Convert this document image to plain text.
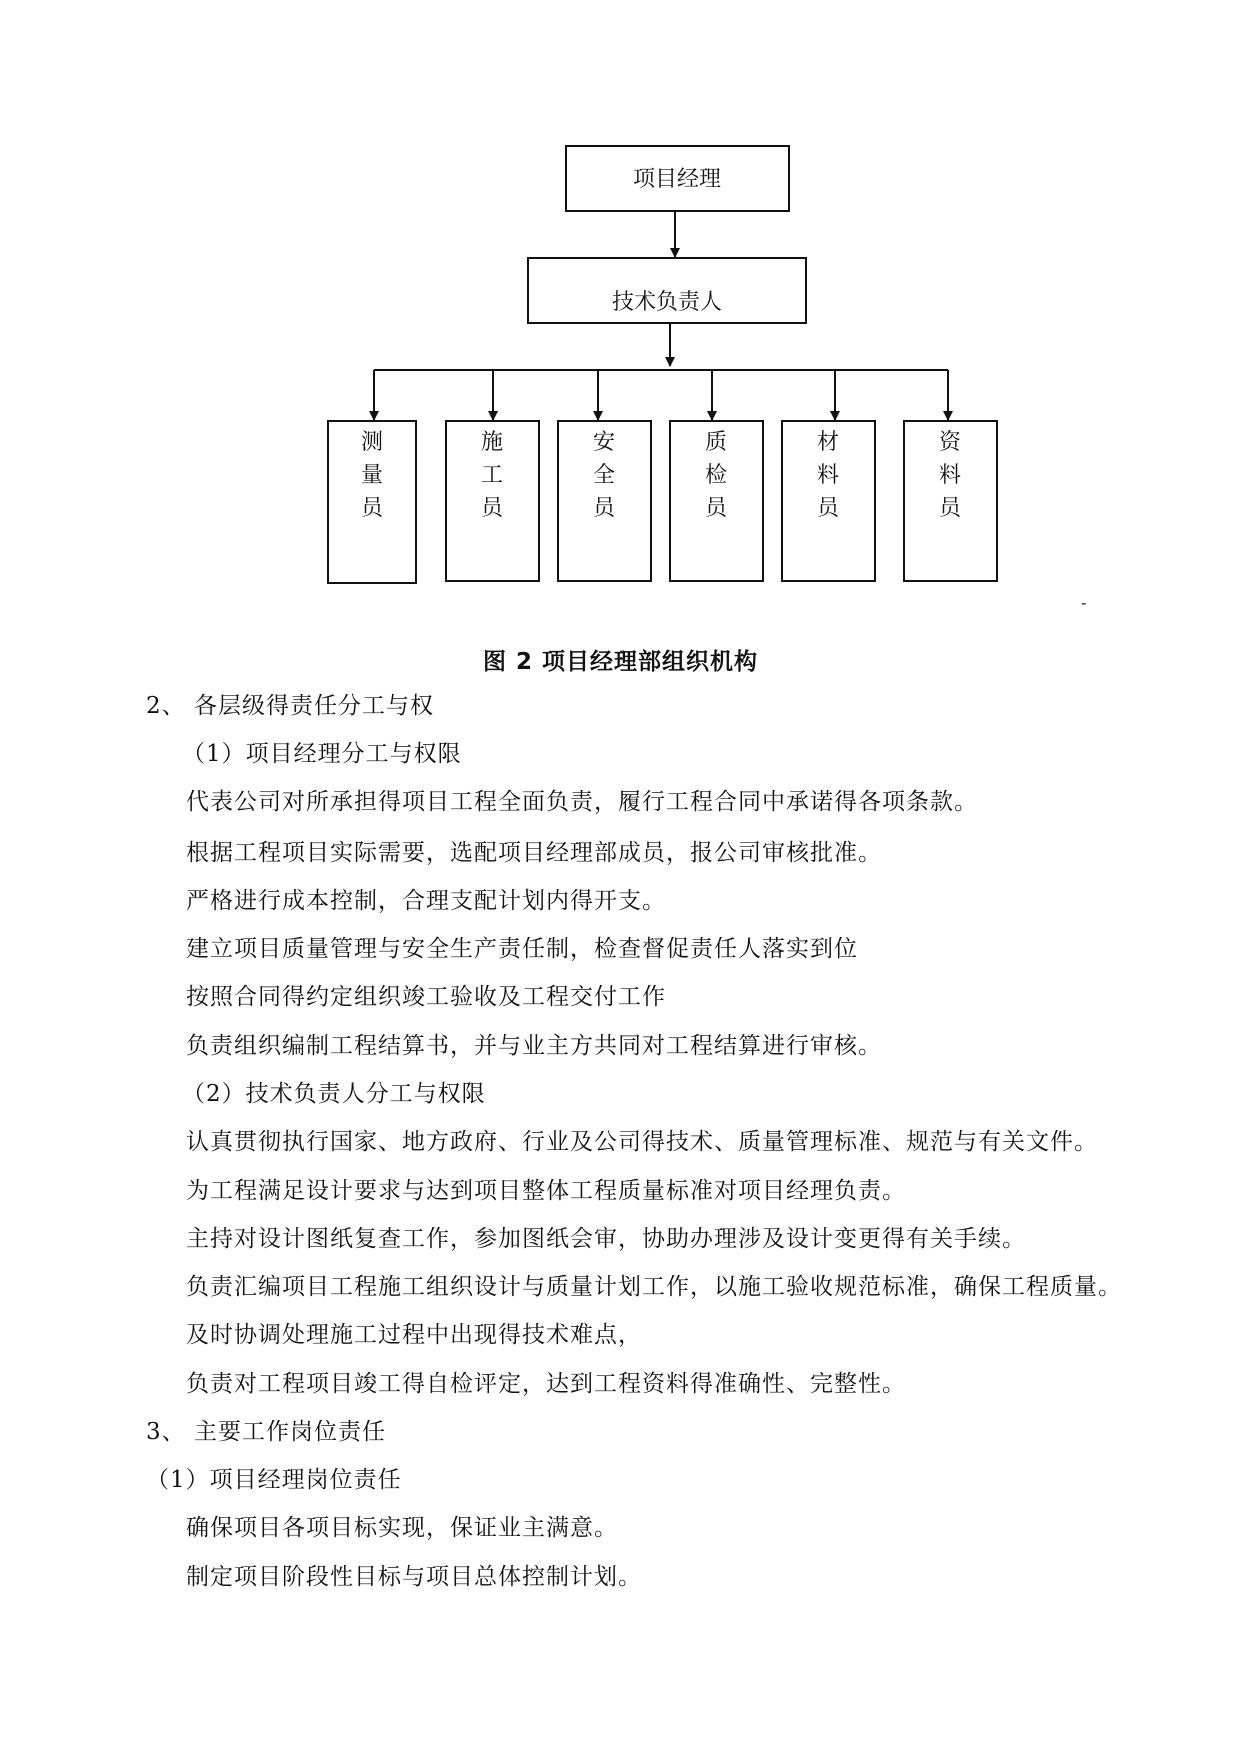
项目经理
技术负责人
测量员
施工员
安全员
质检员
材料员
资料员
-
图 2 项目经理部组织机构
2、 各层级得责任分工与权
（1）项目经理分工与权限
代表公司对所承担得项目工程全面负责，履行工程合同中承诺得各项条款。
根据工程项目实际需要，选配项目经理部成员，报公司审核批准。
严格进行成本控制，合理支配计划内得开支。
建立项目质量管理与安全生产责任制，检查督促责任人落实到位
按照合同得约定组织竣工验收及工程交付工作
负责组织编制工程结算书，并与业主方共同对工程结算进行审核。
（2）技术负责人分工与权限
认真贯彻执行国家、地方政府、行业及公司得技术、质量管理标准、规范与有关文件。
为工程满足设计要求与达到项目整体工程质量标准对项目经理负责。
主持对设计图纸复查工作，参加图纸会审，协助办理涉及设计变更得有关手续。
负责汇编项目工程施工组织设计与质量计划工作，以施工验收规范标准，确保工程质量。
及时协调处理施工过程中出现得技术难点，
负责对工程项目竣工得自检评定，达到工程资料得准确性、完整性。
3、 主要工作岗位责任
（1）项目经理岗位责任
确保项目各项目标实现，保证业主满意。
制定项目阶段性目标与项目总体控制计划。
